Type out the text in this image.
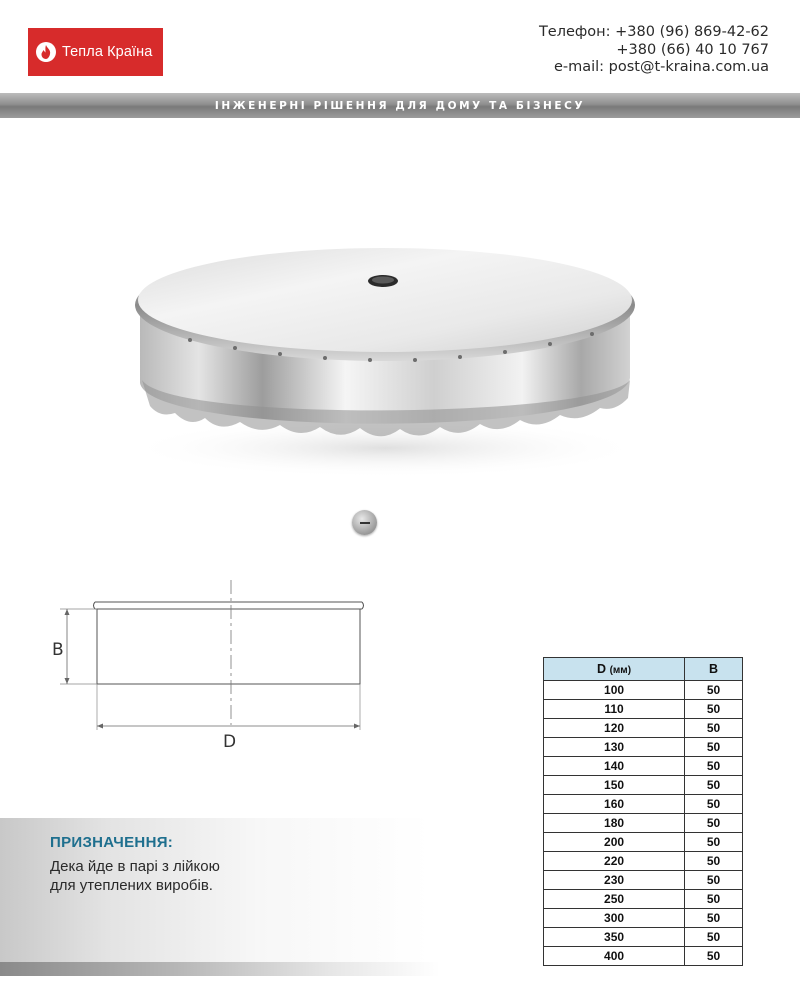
Тепла Країна
Телефон: +380 (96) 869-42-62
+380 (66) 40 10 767
e-mail: post@t-kraina.com.ua
ІНЖЕНЕРНІ РІШЕННЯ ДЛЯ ДОМУ ТА БІЗНЕСУ
B
D
D (мм)	B
100	50
110	50
120	50
130	50
140	50
150	50
160	50
180	50
200	50
220	50
230	50
250	50
300	50
350	50
400	50
ПРИЗНАЧЕННЯ:
Дека йде в парі з лійкою
для утеплених виробів.
